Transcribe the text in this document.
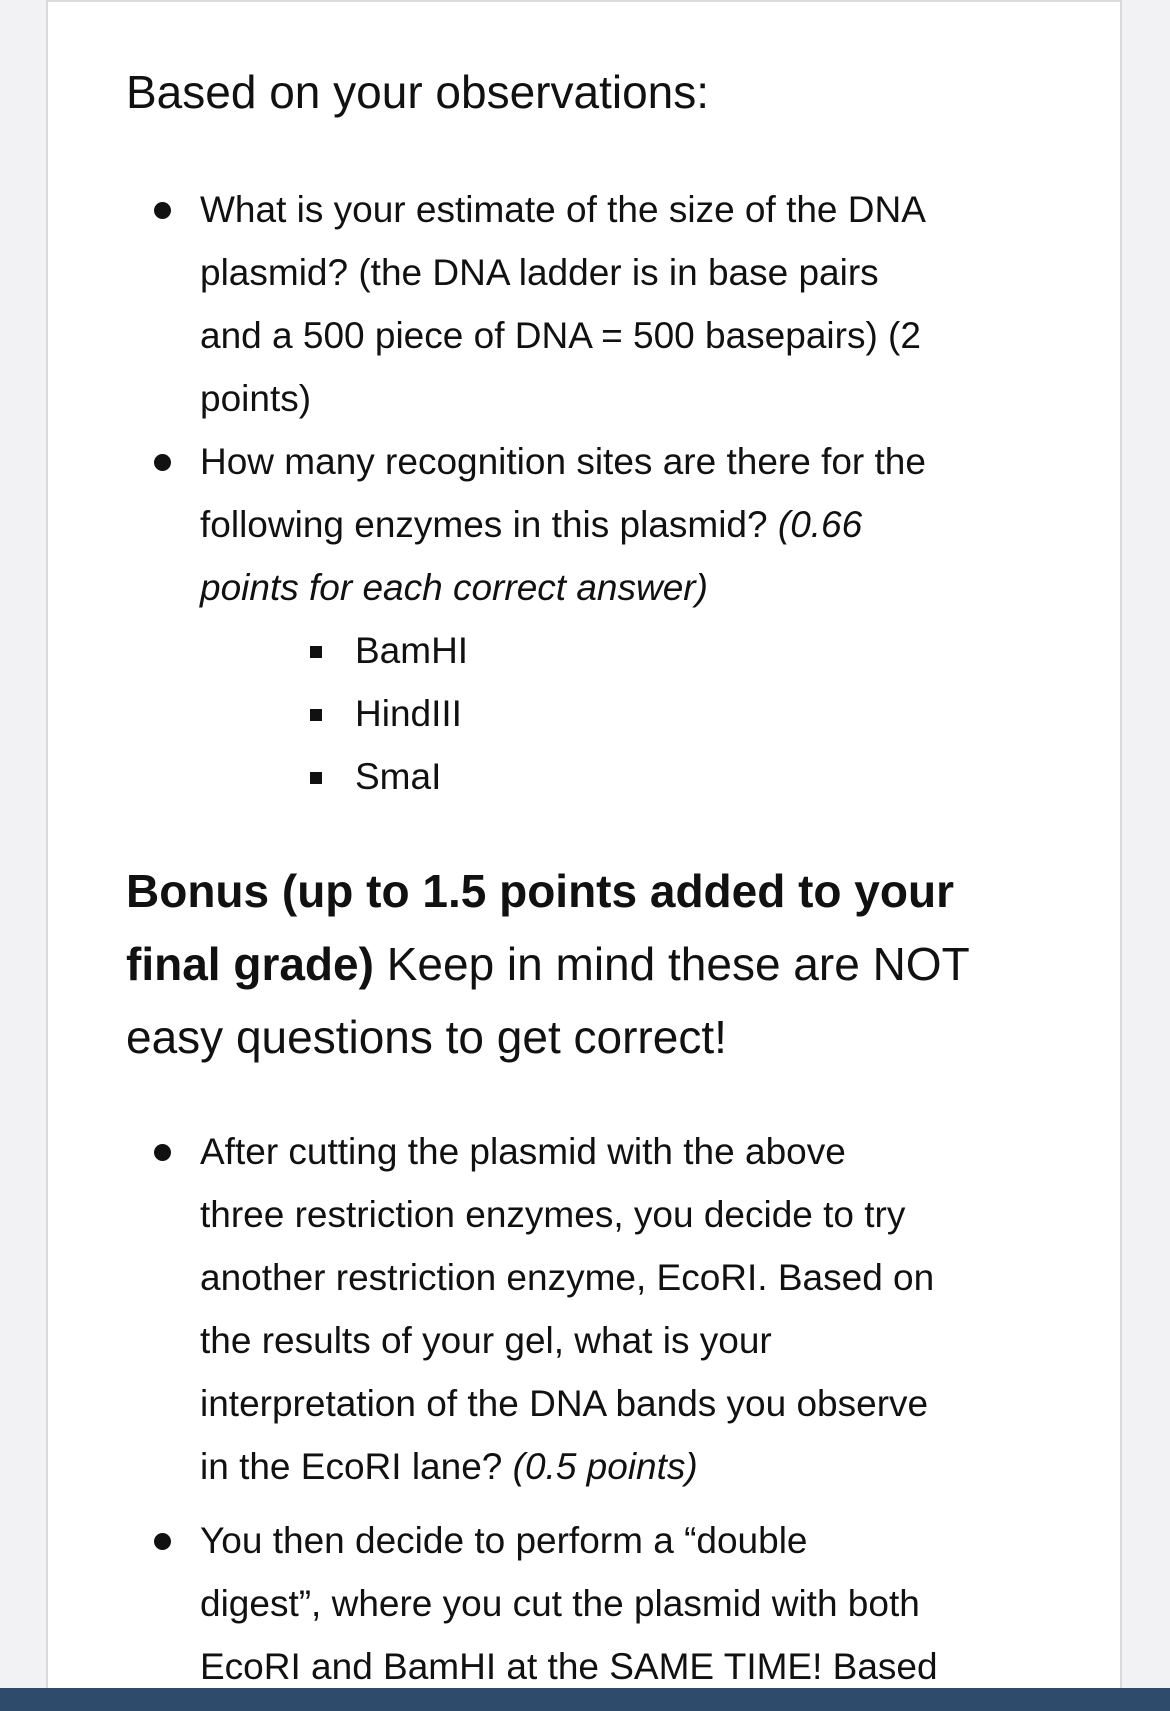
Based on your observations:

What is your estimate of the size of the DNA
plasmid? (the DNA ladder is in base pairs
and a 500 piece of DNA = 500 basepairs) (2
points)
How many recognition sites are there for the
following enzymes in this plasmid? (0.66
points for each correct answer)
BamHI
HindIII
SmaI

Bonus (up to 1.5 points added to your
final grade) Keep in mind these are NOT
easy questions to get correct!

After cutting the plasmid with the above
three restriction enzymes, you decide to try
another restriction enzyme, EcoRI. Based on
the results of your gel, what is your
interpretation of the DNA bands you observe
in the EcoRI lane? (0.5 points)
You then decide to perform a “double
digest”, where you cut the plasmid with both
EcoRI and BamHI at the SAME TIME! Based
